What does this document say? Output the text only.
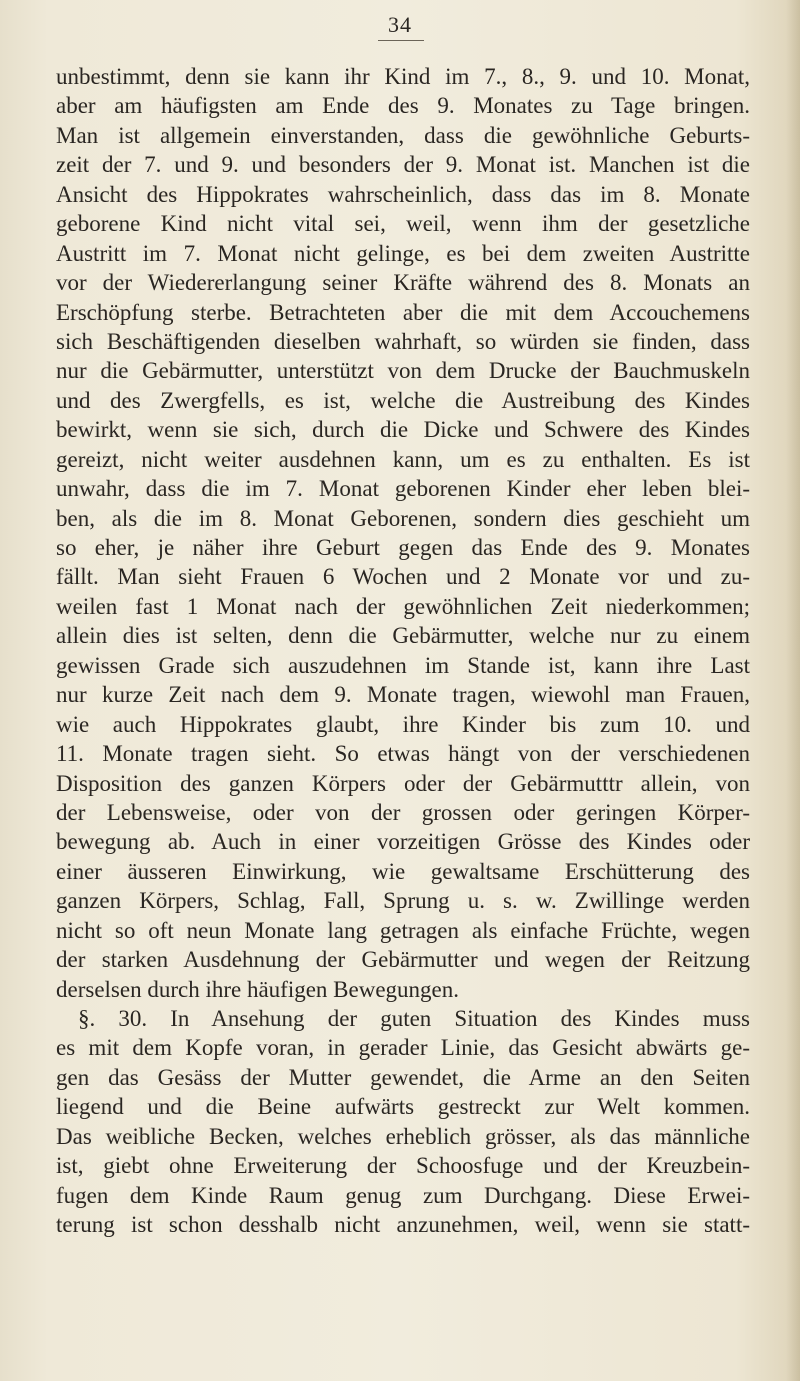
34
unbestimmt, denn sie kann ihr Kind im 7., 8., 9. und 10. Monat,
aber am häufigsten am Ende des 9. Monates zu Tage bringen.
Man ist allgemein einverstanden, dass die gewöhnliche Geburts-
zeit der 7. und 9. und besonders der 9. Monat ist. Manchen ist die
Ansicht des Hippokrates wahrscheinlich, dass das im 8. Monate
geborene Kind nicht vital sei, weil, wenn ihm der gesetzliche
Austritt im 7. Monat nicht gelinge, es bei dem zweiten Austritte
vor der Wiedererlangung seiner Kräfte während des 8. Monats an
Erschöpfung sterbe. Betrachteten aber die mit dem Accouchemens
sich Beschäftigenden dieselben wahrhaft, so würden sie finden, dass
nur die Gebärmutter, unterstützt von dem Drucke der Bauchmuskeln
und des Zwergfells, es ist, welche die Austreibung des Kindes
bewirkt, wenn sie sich, durch die Dicke und Schwere des Kindes
gereizt, nicht weiter ausdehnen kann, um es zu enthalten. Es ist
unwahr, dass die im 7. Monat geborenen Kinder eher leben blei-
ben, als die im 8. Monat Geborenen, sondern dies geschieht um
so eher, je näher ihre Geburt gegen das Ende des 9. Monates
fällt. Man sieht Frauen 6 Wochen und 2 Monate vor und zu-
weilen fast 1 Monat nach der gewöhnlichen Zeit niederkommen;
allein dies ist selten, denn die Gebärmutter, welche nur zu einem
gewissen Grade sich auszudehnen im Stande ist, kann ihre Last
nur kurze Zeit nach dem 9. Monate tragen, wiewohl man Frauen,
wie auch Hippokrates glaubt, ihre Kinder bis zum 10. und
11. Monate tragen sieht. So etwas hängt von der verschiedenen
Disposition des ganzen Körpers oder der Gebärmutttr allein, von
der Lebensweise, oder von der grossen oder geringen Körper-
bewegung ab. Auch in einer vorzeitigen Grösse des Kindes oder
einer äusseren Einwirkung, wie gewaltsame Erschütterung des
ganzen Körpers, Schlag, Fall, Sprung u. s. w. Zwillinge werden
nicht so oft neun Monate lang getragen als einfache Früchte, wegen
der starken Ausdehnung der Gebärmutter und wegen der Reitzung
derselsen durch ihre häufigen Bewegungen.
§. 30. In Ansehung der guten Situation des Kindes muss
es mit dem Kopfe voran, in gerader Linie, das Gesicht abwärts ge-
gen das Gesäss der Mutter gewendet, die Arme an den Seiten
liegend und die Beine aufwärts gestreckt zur Welt kommen.
Das weibliche Becken, welches erheblich grösser, als das männliche
ist, giebt ohne Erweiterung der Schoosfuge und der Kreuzbein-
fugen dem Kinde Raum genug zum Durchgang. Diese Erwei-
terung ist schon desshalb nicht anzunehmen, weil, wenn sie statt-
